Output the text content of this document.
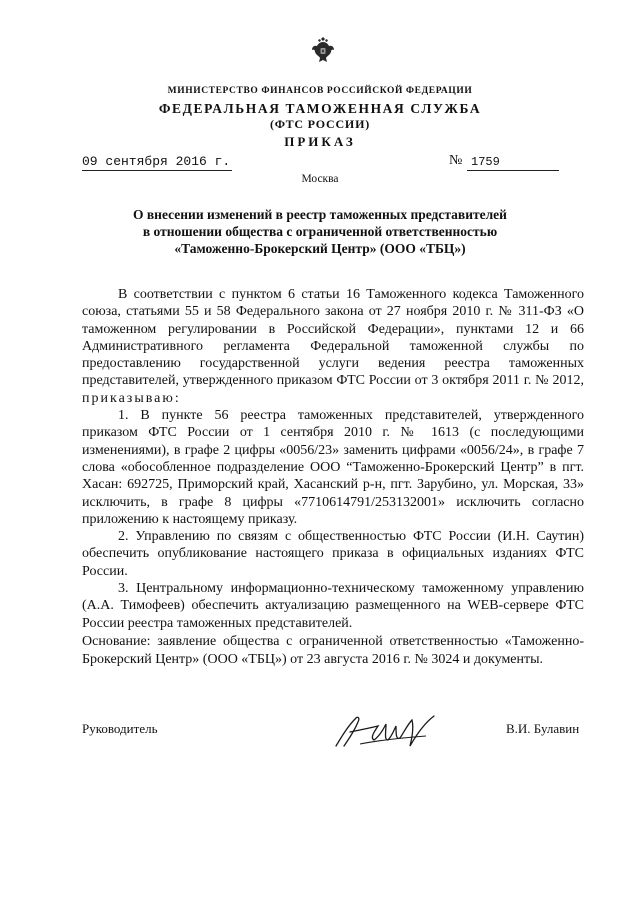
МИНИСТЕРСТВО ФИНАНСОВ РОССИЙСКОЙ ФЕДЕРАЦИИ
ФЕДЕРАЛЬНАЯ ТАМОЖЕННАЯ СЛУЖБА
(ФТС РОССИИ)
ПРИКАЗ
09 сентября 2016 г.	№ 1759
Москва
О внесении изменений в реестр таможенных представителей
в отношении общества с ограниченной ответственностью
«Таможенно-Брокерский Центр» (ООО «ТБЦ»)

В соответствии с пунктом 6 статьи 16 Таможенного кодекса Таможенного союза, статьями 55 и 58 Федерального закона от 27 ноября 2010 г. № 311-ФЗ «О таможенном регулировании в Российской Федерации», пунктами 12 и 66 Административного регламента Федеральной таможенной службы по предоставлению государственной услуги ведения реестра таможенных представителей, утвержденного приказом ФТС России от 3 октября 2011 г. № 2012, приказываю:

1. В пункте 56 реестра таможенных представителей, утвержденного приказом ФТС России от 1 сентября 2010 г. № 1613 (с последующими изменениями), в графе 2 цифры «0056/23» заменить цифрами «0056/24», в графе 7 слова «обособленное подразделение ООО “Таможенно-Брокерский Центр” в пгт. Хасан: 692725, Приморский край, Хасанский р-н, пгт. Зарубино, ул. Морская, 33» исключить, в графе 8 цифры «7710614791/253132001» исключить согласно приложению к настоящему приказу.

2. Управлению по связям с общественностью ФТС России (И.Н. Саутин) обеспечить опубликование настоящего приказа в официальных изданиях ФТС России.

3. Центральному информационно-техническому таможенному управлению (А.А. Тимофеев) обеспечить актуализацию размещенного на WEB-сервере ФТС России реестра таможенных представителей.

Основание: заявление общества с ограниченной ответственностью «Таможенно-Брокерский Центр» (ООО «ТБЦ») от 23 августа 2016 г. № 3024 и документы.
Руководитель	В.И. Булавин
